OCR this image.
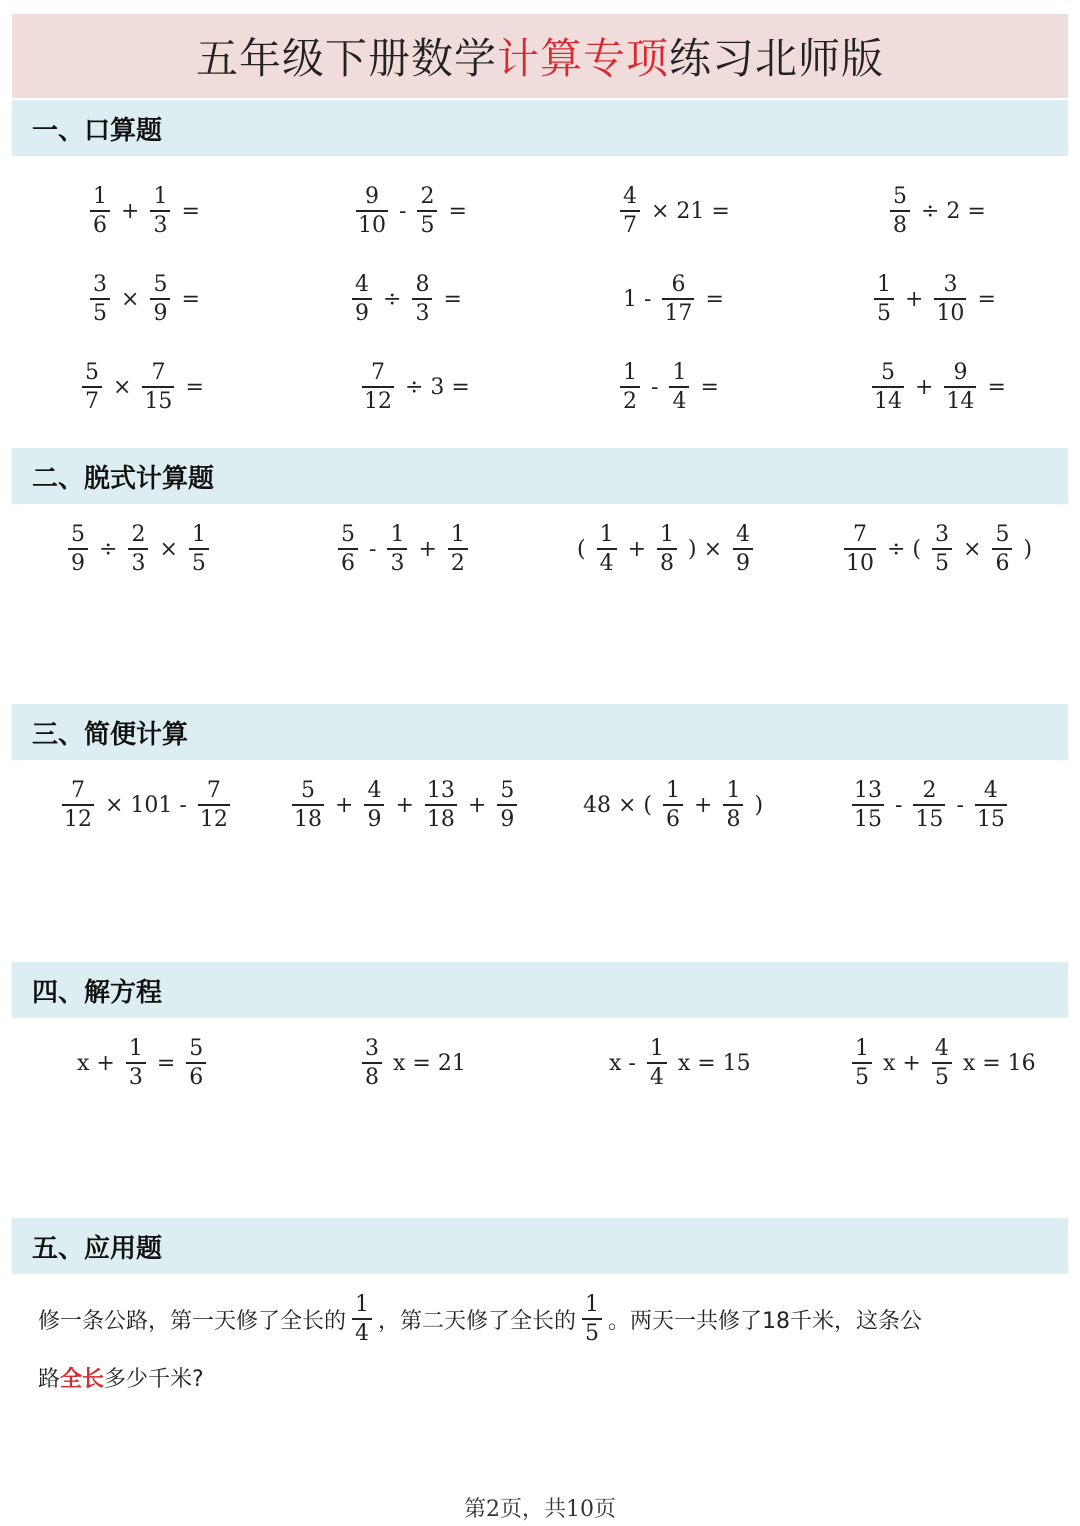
五年级下册数学 计算专项 练习北师版
一、口算题
$\frac{1}{6} + \frac{1}{3}$ =	$\frac{9}{10} - \frac{2}{5}$ =	$\frac{4}{7} \times 21$ =	$\frac{5}{8} \div 2$ =
$\frac{3}{5} \times \frac{5}{9}$ =	$\frac{4}{9} \div \frac{8}{3}$ =	$1 - \frac{6}{17}$ =	$\frac{1}{5} + \frac{3}{10}$ =
$\frac{5}{7} \times \frac{7}{15}$ =	$\frac{7}{12} \div 3$ =	$\frac{1}{2} - \frac{1}{4}$ =	$\frac{5}{14} + \frac{9}{14}$ =
二、脱式计算题
$\frac{5}{9} \div \frac{2}{3} \times \frac{1}{5}$	$\frac{5}{6} - \frac{1}{3} + \frac{1}{2}$	( $\frac{1}{4} + \frac{1}{8}$ ) × $\frac{4}{9}$	$\frac{7}{10}$ ÷ ( $\frac{3}{5} \times \frac{5}{6}$ )
三、简便计算
$\frac{7}{12} \times 101 - \frac{7}{12}$	$\frac{5}{18} + \frac{4}{9} + \frac{13}{18} + \frac{5}{9}$	48 × ( $\frac{1}{6} + \frac{1}{8}$ )	$\frac{13}{15} - \frac{2}{15} - \frac{4}{15}$
四、解方程
$x + \frac{1}{3} = \frac{5}{6}$	$\frac{3}{8}$ x = 21	x - $\frac{1}{4}$ x = 15	$\frac{1}{5}$ $x + \frac{4}{5}$ x = 16
五、应用题
修一条公路，第一天修了全长的 $\frac{1}{4}$ ，第二天修了全长的 $\frac{1}{5}$ 。两天一共修了18千米，这条公
路 全长 多少千米?
第2页，共10页
